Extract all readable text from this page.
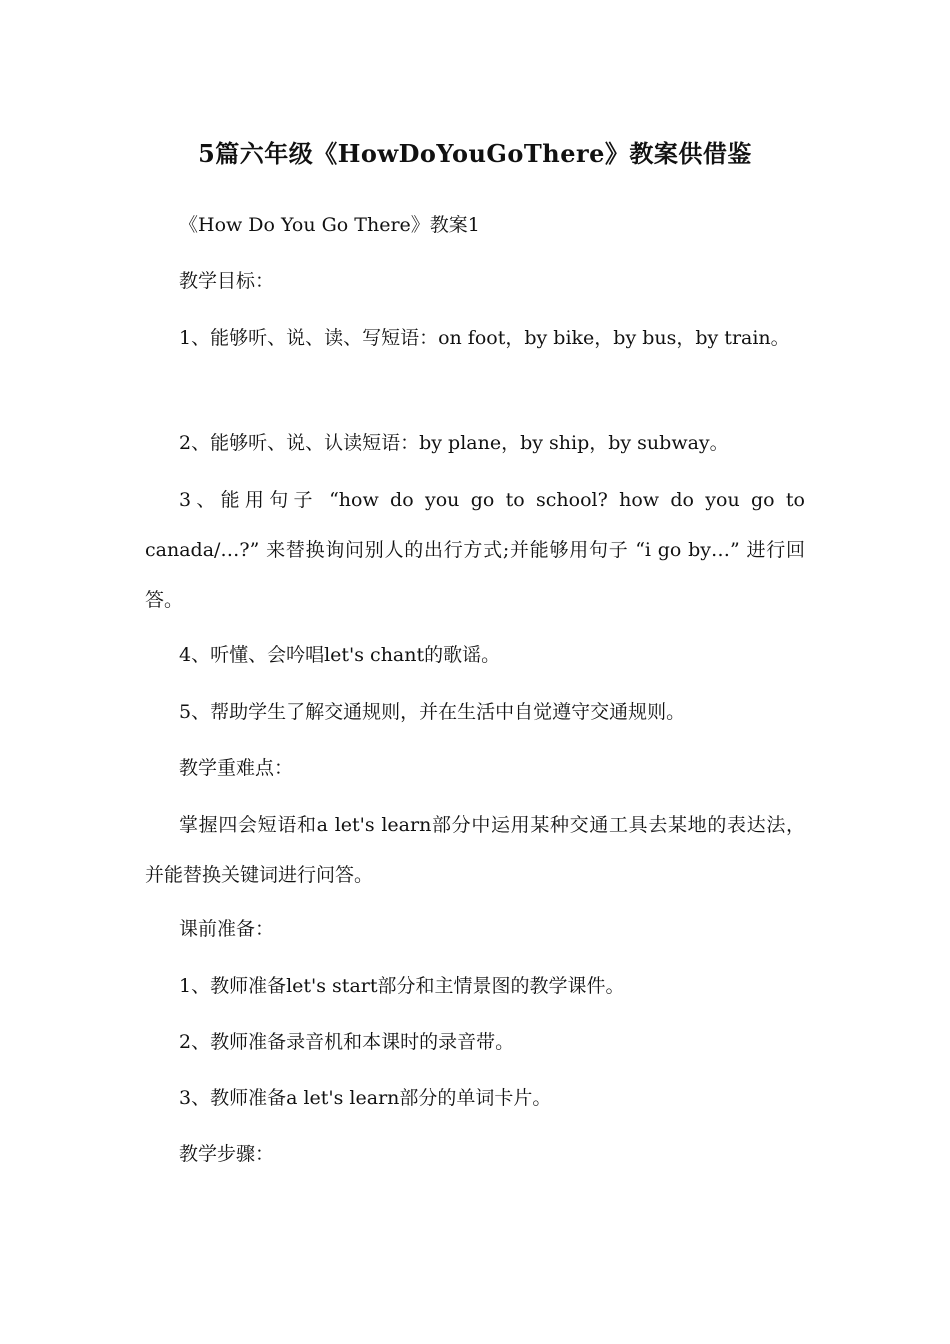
5篇六年级《HowDoYouGoThere》教案供借鉴
《How Do You Go There》教案1
教学目标：
1、能够听、说、读、写短语：on foot，by bike，by bus，by train。
2、能够听、说、认读短语：by plane，by ship，by subway。
3、能用句子 “how do you go to school? how do you go to canada/…?” 来替换询问别人的出行方式;并能够用句子 “i go by…” 进行回答。
4、听懂、会吟唱let's chant的歌谣。
5、帮助学生了解交通规则，并在生活中自觉遵守交通规则。
教学重难点：
掌握四会短语和a let's learn部分中运用某种交通工具去某地的表达法，并能替换关键词进行问答。
课前准备：
1、教师准备let's start部分和主情景图的教学课件。
2、教师准备录音机和本课时的录音带。
3、教师准备a let's learn部分的单词卡片。
教学步骤：
